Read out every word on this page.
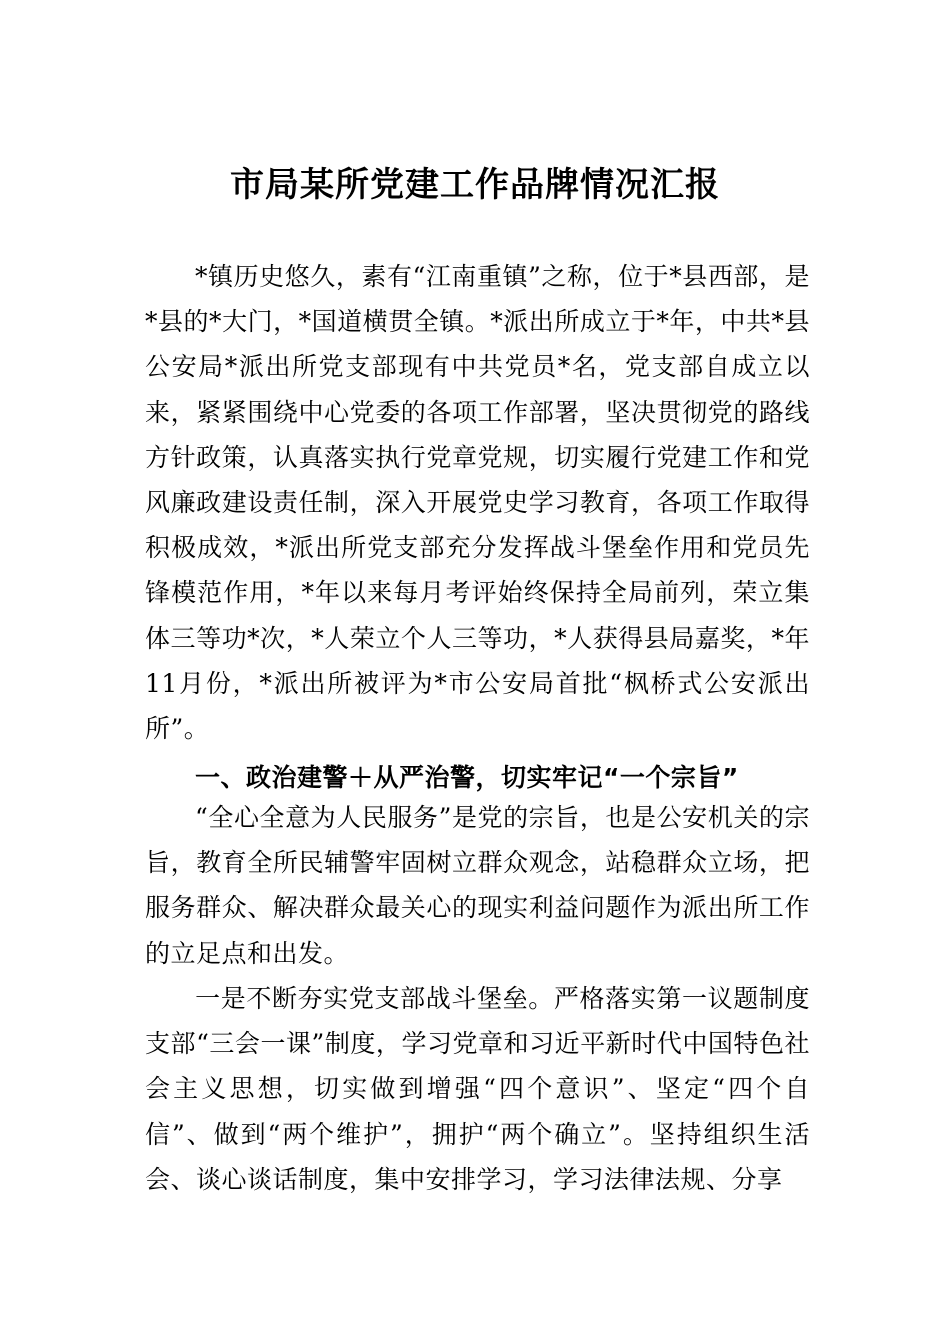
市局某所党建工作品牌情况汇报

*镇历史悠久，素有“江南重镇”之称，位于*县西部，是*县的*大门，*国道横贯全镇。*派出所成立于*年，中共*县公安局*派出所党支部现有中共党员*名，党支部自成立以来，紧紧围绕中心党委的各项工作部署，坚决贯彻党的路线方针政策，认真落实执行党章党规，切实履行党建工作和党风廉政建设责任制，深入开展党史学习教育，各项工作取得积极成效，*派出所党支部充分发挥战斗堡垒作用和党员先锋模范作用，*年以来每月考评始终保持全局前列，荣立集体三等功*次，*人荣立个人三等功，*人获得县局嘉奖，*年11月份，*派出所被评为*市公安局首批“枫桥式公安派出所”。

一、政治建警＋从严治警，切实牢记“一个宗旨”

“全心全意为人民服务”是党的宗旨，也是公安机关的宗旨，教育全所民辅警牢固树立群众观念，站稳群众立场，把服务群众、解决群众最关心的现实利益问题作为派出所工作的立足点和出发。

一是不断夯实党支部战斗堡垒。严格落实第一议题制度支部“三会一课”制度，学习党章和习近平新时代中国特色社会主义思想，切实做到增强“四个意识”、坚定“四个自信”、做到“两个维护”，拥护“两个确立”。坚持组织生活会、谈心谈话制度，集中安排学习，学习法律法规、分享
